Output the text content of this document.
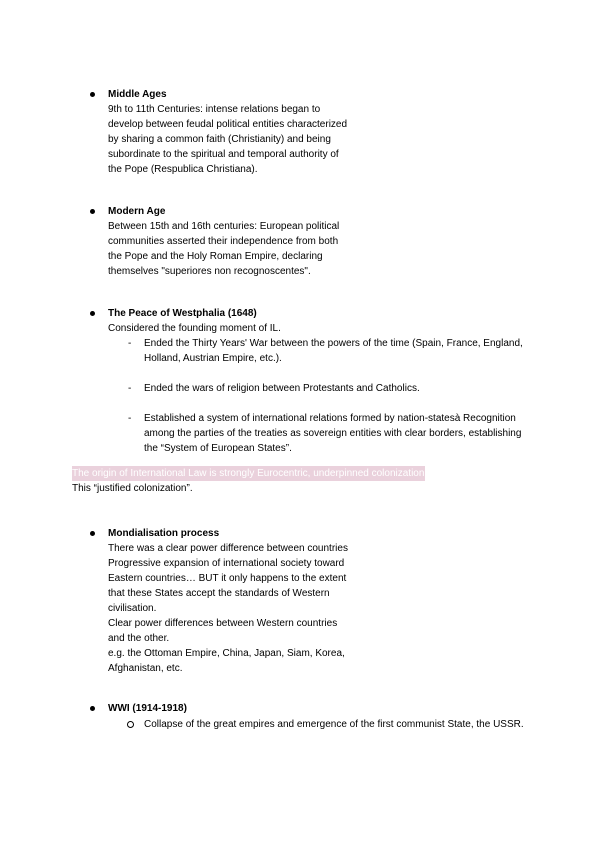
Middle Ages
9th to 11th Centuries: intense relations began to
develop between feudal political entities characterized
by sharing a common faith (Christianity) and being
subordinate to the spiritual and temporal authority of
the Pope (Respublica Christiana).
Modern Age
Between 15th and 16th centuries: European political
communities asserted their independence from both
the Pope and the Holy Roman Empire, declaring
themselves "superiores non recognoscentes".
The Peace of Westphalia (1648)
Considered the founding moment of IL.
- Ended the Thirty Years' War between the powers of the time (Spain, France, England, Holland, Austrian Empire, etc.).
- Ended the wars of religion between Protestants and Catholics.
- Established a system of international relations formed by nation-statesà Recognition among the parties of the treaties as sovereign entities with clear borders, establishing the “System of European States”.
The origin of International Law is strongly Eurocentric, underpinned colonization
This “justified colonization”.
Mondialisation process
There was a clear power difference between countries
Progressive expansion of international society toward
Eastern countries… BUT it only happens to the extent
that these States accept the standards of Western
civilisation.
Clear power differences between Western countries
and the other.
e.g. the Ottoman Empire, China, Japan, Siam, Korea,
Afghanistan, etc.
WWI (1914-1918)
Collapse of the great empires and emergence of the first communist State, the USSR.
